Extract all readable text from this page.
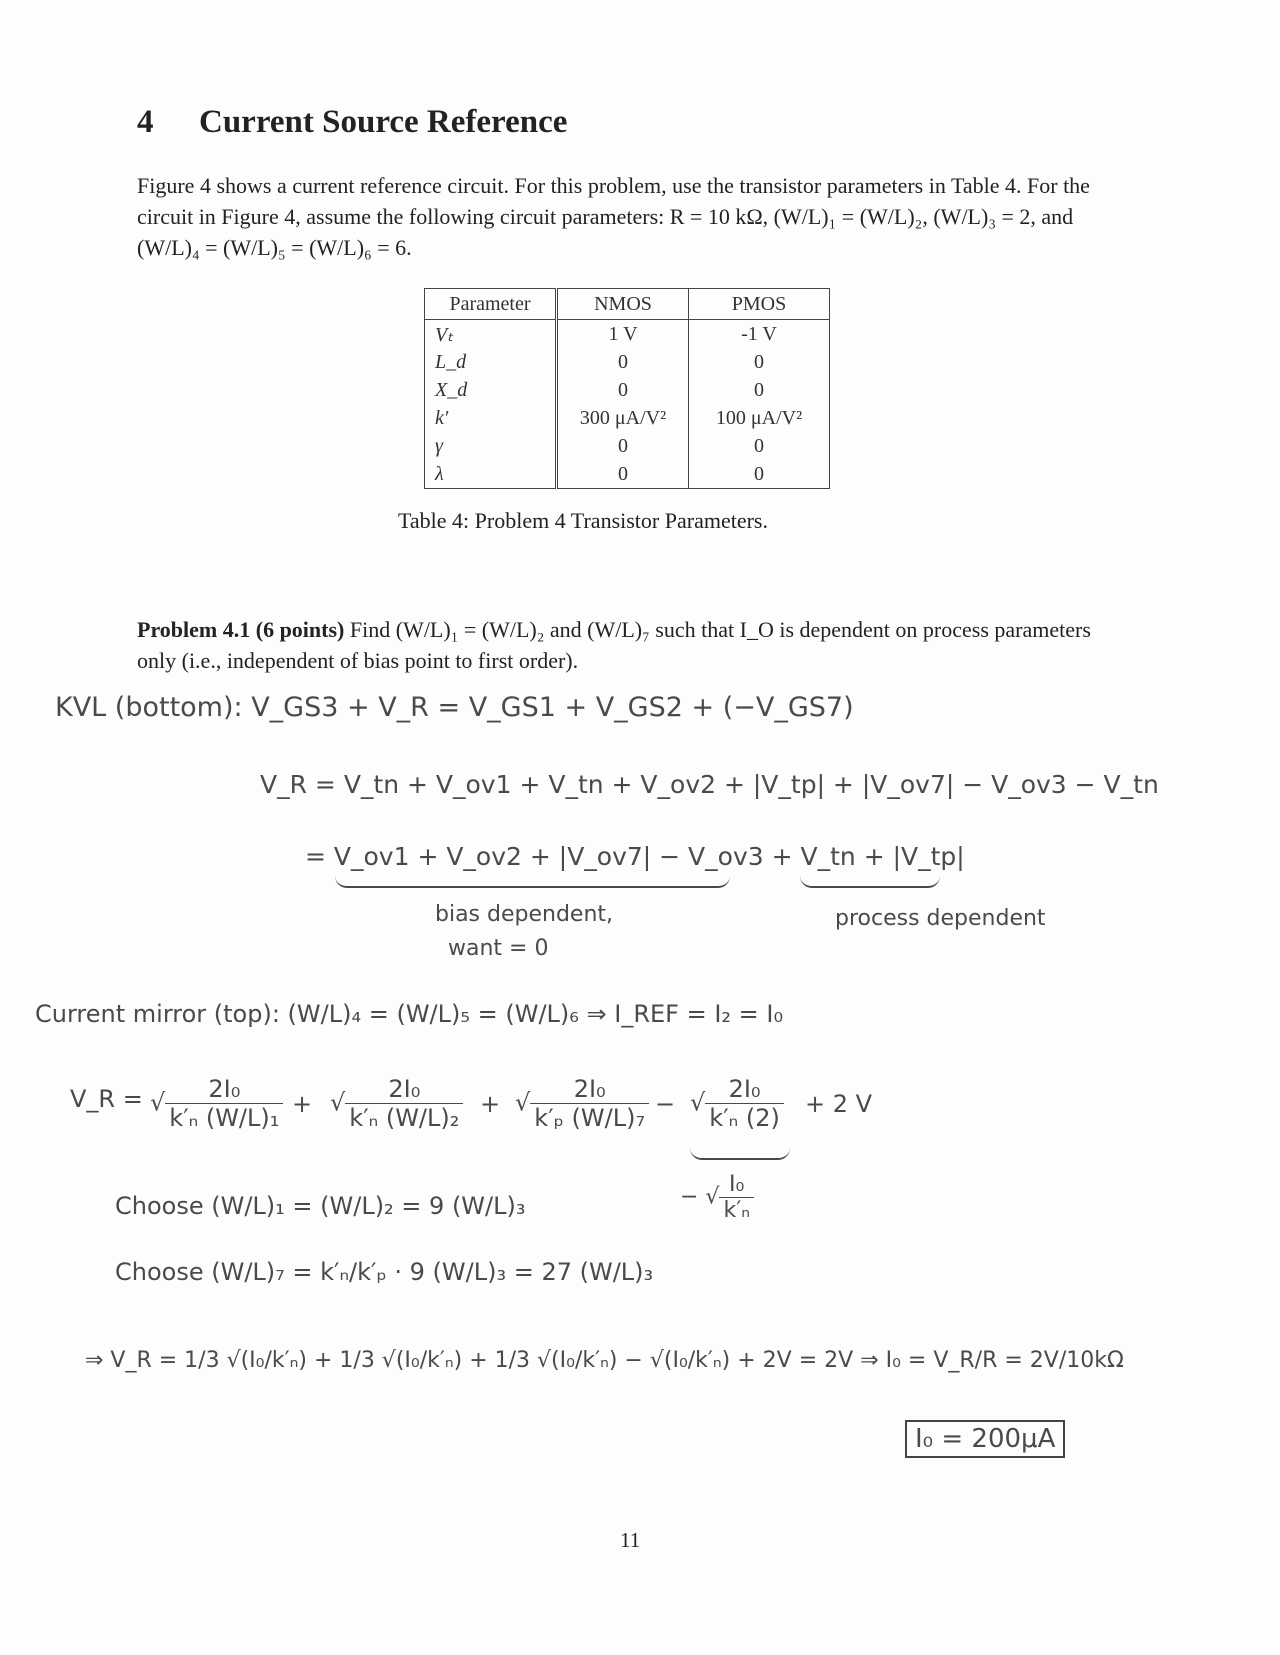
4 Current Source Reference
Figure 4 shows a current reference circuit. For this problem, use the transistor parameters in Table 4. For the circuit in Figure 4, assume the following circuit parameters: R = 10 kΩ, (W/L)₁ = (W/L)₂, (W/L)₃ = 2, and (W/L)₄ = (W/L)₅ = (W/L)₆ = 6.
Parameter	NMOS	PMOS
Vₜ	1 V	-1 V
L_d	0	0
X_d	0	0
k′	300 μA/V²	100 μA/V²
γ	0	0
λ	0	0
Table 4: Problem 4 Transistor Parameters.
Problem 4.1 (6 points) Find (W/L)₁ = (W/L)₂ and (W/L)₇ such that I_O is dependent on process parameters only (i.e., independent of bias point to first order).
KVL (bottom): V_GS3 + V_R = V_GS1 + V_GS2 + (−V_GS7)
V_R = V_tn + V_ov1 + V_tn + V_ov2 + |V_tp| + |V_ov7| − V_ov3 − V_tn
= V_ov1 + V_ov2 + |V_ov7| − V_ov3 + V_tn + |V_tp|
bias dependent,
want = 0
process dependent
Current mirror (top): (W/L)₄ = (W/L)₅ = (W/L)₆ ⇒ I_REF = I₂ = I₀
V_R = √ $\frac{\text{2I₀}}{\text{k′ₙ (W/L)₁}}$ + √ $\frac{\text{2I₀}}{\text{k′ₙ (W/L)₂}}$ + √ $\frac{\text{2I₀}}{\text{k′ₚ (W/L)₇}}$ − √ $\frac{\text{2I₀}}{\text{k′ₙ (2)}} + 2$ V
− √ $\frac{\text{I₀}}{\text{k′ₙ}}$
Choose (W/L)₁ = (W/L)₂ = 9 (W/L)₃
Choose (W/L)₇ = k′ₙ/k′ₚ · 9 (W/L)₃ = 27 (W/L)₃
⇒ V_R = 1/3 √(I₀/k′ₙ) + 1/3 √(I₀/k′ₙ) + 1/3 √(I₀/k′ₙ) − √(I₀/k′ₙ) + 2V = 2V ⇒ I₀ = V_R/R = 2V/10kΩ
I₀ = 200μA
11
